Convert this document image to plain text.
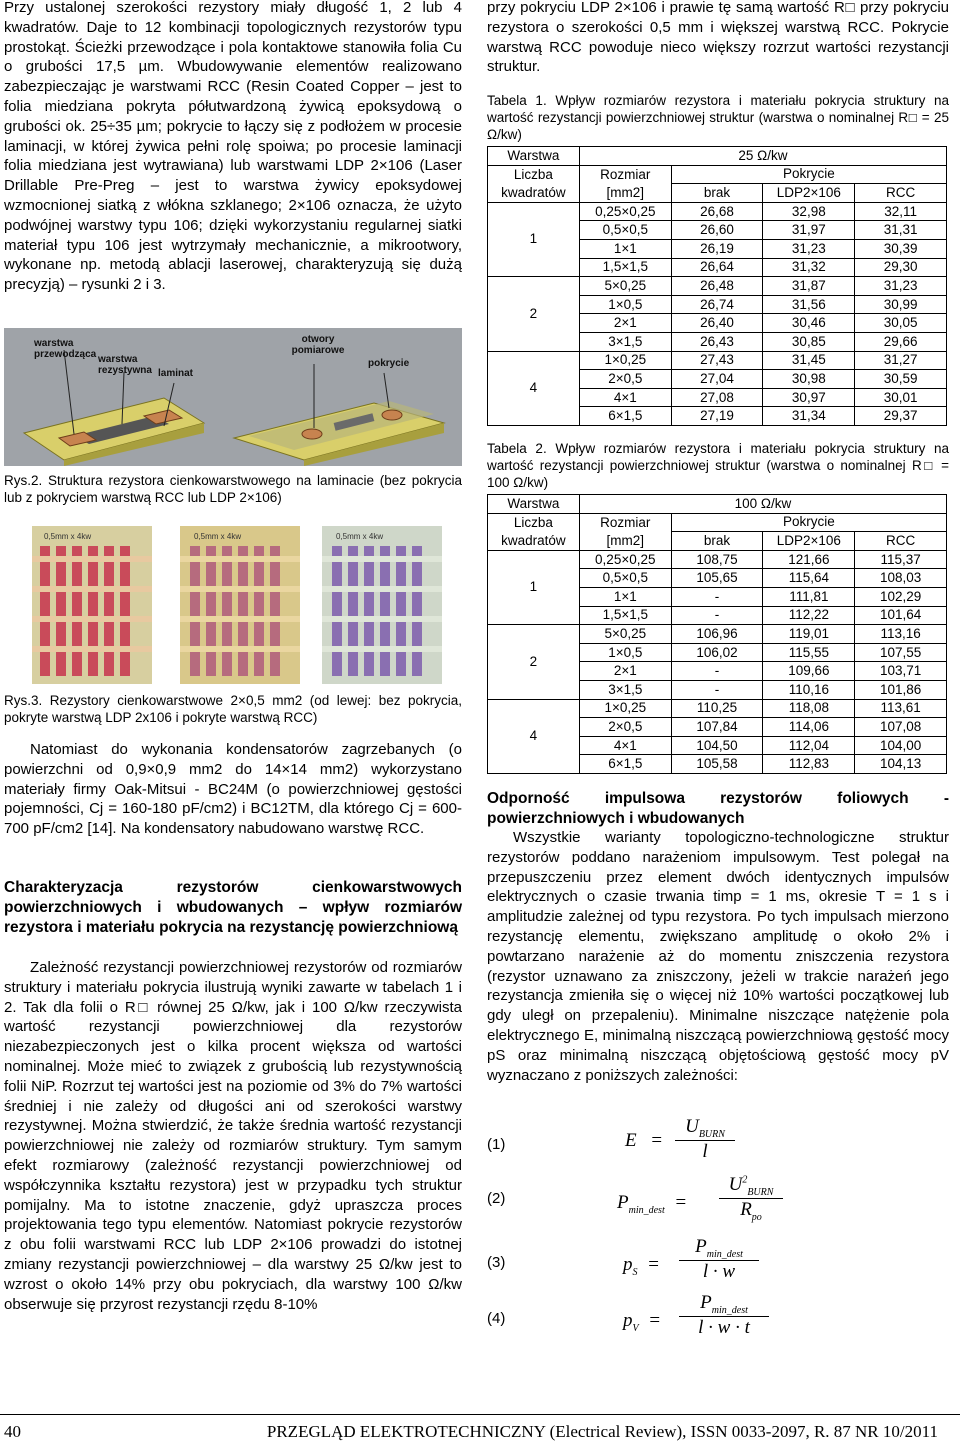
Przy ustalonej szerokości rezystory miały długość 1, 2 lub 4 kwadratów. Daje to 12 kombinacji topologicznych rezystorów typu prostokąt. Ścieżki przewodzące i pola kontaktowe stanowiła folia Cu o grubości 17,5 µm. Wbudowywanie elementów realizowano zabezpieczając je warstwami RCC (Resin Coated Copper – jest to folia miedziana pokryta półutwardzoną żywicą epoksydową o grubości ok. 25÷35 µm; pokrycie to łączy się z podłożem w procesie laminacji, w której żywica pełni rolę spoiwa; po procesie laminacji folia miedziana jest wytrawiana) lub warstwami LDP 2×106 (Laser Drillable Pre-Preg – jest to warstwa żywicy epoksydowej wzmocnionej siatką z włókna szklanego; 2×106 oznacza, że użyto podwójnej warstwy typu 106; dzięki wykorzystaniu regularnej siatki materiał typu 106 jest wytrzymały mechanicznie, a mikrootwory, wykonane np. metodą ablacji laserowej, charakteryzują się dużą precyzją) – rysunki 2 i 3.

warstwa przewodząca warstwa rezystywna laminat
otwory pomiarowe
pokrycie

Rys.2. Struktura rezystora cienkowarstwowego na laminacie (bez pokrycia lub z pokryciem warstwą RCC lub LDP 2×106)

0,5mm x 4kw	0,5mm x 4kw	0,5mm x 4kw

Rys.3. Rezystory cienkowarstwowe 2×0,5 mm2 (od lewej: bez pokrycia, pokryte warstwą LDP 2x106 i pokryte warstwą RCC)

Natomiast do wykonania kondensatorów zagrzebanych (o powierzchni od 0,9×0,9 mm2 do 14×14 mm2) wykorzystano materiały firmy Oak-Mitsui - BC24M (o powierzchniowej gęstości pojemności, Cj = 160-180 pF/cm2) i BC12TM, dla którego Cj = 600-700 pF/cm2 [14]. Na kondensatory nabudowano warstwę RCC.

Charakteryzacja rezystorów cienkowarstwowych powierzchniowych i wbudowanych – wpływ rozmiarów rezystora i materiału pokrycia na rezystancję powierzchniową

Zależność rezystancji powierzchniowej rezystorów od rozmiarów struktury i materiału pokrycia ilustrują wyniki zawarte w tabelach 1 i 2. Tak dla folii o R□ równej 25 Ω/kw, jak i 100 Ω/kw rzeczywista wartość rezystancji powierzchniowej dla rezystorów niezabezpieczonych jest o kilka procent większa od wartości nominalnej. Może mieć to związek z grubością lub rezystywnością folii NiP. Rozrzut tej wartości jest na poziomie od 3% do 7% wartości średniej i nie zależy od długości ani od szerokości warstwy rezystywnej. Można stwierdzić, że także średnia wartość rezystancji powierzchniowej nie zależy od rozmiarów struktury. Tym samym efekt rozmiarowy (zależność rezystancji powierzchniowej od współczynnika kształtu rezystora) jest w przypadku tych struktur pomijalny. Ma to istotne znaczenie, gdyż upraszcza proces projektowania tego typu elementów. Natomiast pokrycie rezystorów z obu folii warstwami RCC lub LDP 2×106 prowadzi do istotnej zmiany rezystancji powierzchniowej – dla warstwy 25 Ω/kw jest to wzrost o około 14% przy obu pokryciach, dla warstwy 100 Ω/kw obserwuje się przyrost rezystancji rzędu 8-10%

przy pokryciu LDP 2×106 i prawie tę samą wartość R□ przy pokryciu rezystora o szerokości 0,5 mm i większej warstwą RCC. Pokrycie warstwą RCC powoduje nieco większy rozrzut wartości rezystancji struktur.

Tabela 1. Wpływ rozmiarów rezystora i materiału pokrycia struktury na wartość rezystancji powierzchniowej struktur (warstwa o nominalnej R□ = 25 Ω/kw)

Warstwa	25 Ω/kw			
Liczba	Rozmiar	Pokrycie		
kwadratów	[mm2]	brak	LDP2×106	RCC
1	0,25×0,25	26,68	32,98	32,11
	0,5×0,5	26,60	31,97	31,31
	1×1	26,19	31,23	30,39
	1,5×1,5	26,64	31,32	29,30
2	5×0,25	26,48	31,87	31,23
	1×0,5	26,74	31,56	30,99
	2×1	26,40	30,46	30,05
	3×1,5	26,43	30,85	29,66
4	1×0,25	27,43	31,45	31,27
	2×0,5	27,04	30,98	30,59
	4×1	27,08	30,97	30,01
	6×1,5	27,19	31,34	29,37

Tabela 2. Wpływ rozmiarów rezystora i materiału pokrycia struktury na wartość rezystancji powierzchniowej struktur (warstwa o nominalnej R□ = 100 Ω/kw)

Warstwa	100 Ω/kw			
Liczba	Rozmiar	Pokrycie		
kwadratów	[mm2]	brak	LDP2×106	RCC
1	0,25×0,25	108,75	121,66	115,37
	0,5×0,5	105,65	115,64	108,03
	1×1	-	111,81	102,29
	1,5×1,5	-	112,22	101,64
2	5×0,25	106,96	119,01	113,16
	1×0,5	106,02	115,55	107,55
	2×1	-	109,66	103,71
	3×1,5	-	110,16	101,86
4	1×0,25	110,25	118,08	113,61
	2×0,5	107,84	114,06	107,08
	4×1	104,50	112,04	104,00
	6×1,5	105,58	112,83	104,13
Odporność impulsowa rezystorów foliowych - powierzchniowych i wbudowanych

Wszystkie warianty topologiczno-technologiczne struktur rezystorów poddano narażeniom impulsowym. Test polegał na przepuszczeniu przez element dwóch identycznych impulsów elektrycznych o czasie trwania timp = 1 ms, okresie T = 1 s i amplitudzie zależnej od typu rezystora. Po tych impulsach mierzono rezystancję elementu, zwiększano amplitudę o około 2% i powtarzano narażenie aż do momentu zniszczenia rezystora (rezystor uznawano za zniszczony, jeżeli w trakcie narażeń jego rezystancja zmieniła się o więcej niż 10% wartości początkowej lub gdy uległ on przepaleniu). Minimalne niszczące natężenie pola elektrycznego E, minimalną niszczącą powierzchniową gęstość mocy pS oraz minimalną niszczącą objętościową gęstość mocy pV wyznaczano z poniższych zależności:

(1)	E =
$U_{BURN}$
l
(2)	$P_{min\_dest}$ =
$U^2_{BURN}$
$R_{po}$
(3)	$p_S$ =
$P_{min\_dest}$
l · w
(4)	$p_V$ =
$P_{min\_dest}$
l · w · t
40	PRZEGLĄD ELEKTROTECHNICZNY (Electrical Review), ISSN 0033-2097, R. 87 NR 10/2011
